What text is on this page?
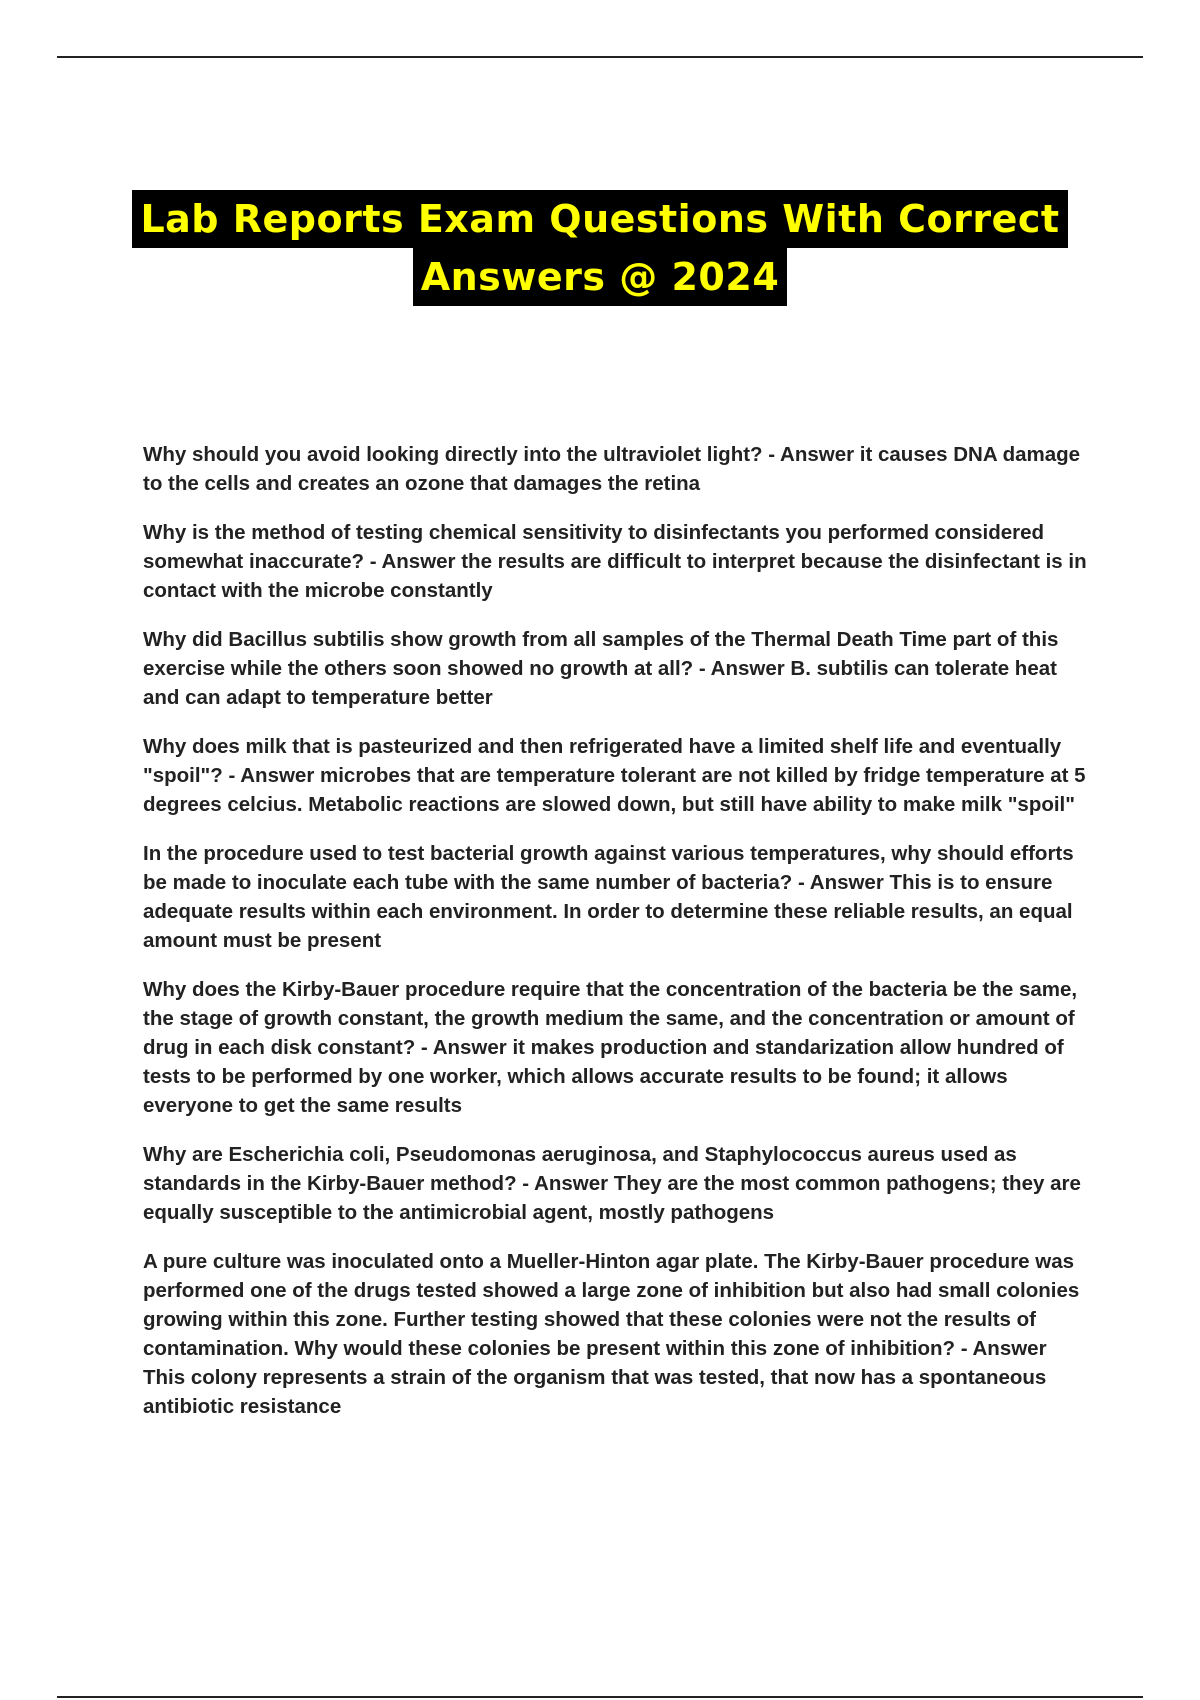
Lab Reports Exam Questions With Correct
Answers @ 2024

Why should you avoid looking directly into the ultraviolet light? - Answer it causes DNA damage to the cells and creates an ozone that damages the retina

Why is the method of testing chemical sensitivity to disinfectants you performed considered somewhat inaccurate? - Answer the results are difficult to interpret because the disinfectant is in contact with the microbe constantly

Why did Bacillus subtilis show growth from all samples of the Thermal Death Time part of this exercise while the others soon showed no growth at all? - Answer B. subtilis can tolerate heat and can adapt to temperature better

Why does milk that is pasteurized and then refrigerated have a limited shelf life and eventually "spoil"? - Answer microbes that are temperature tolerant are not killed by fridge temperature at 5 degrees celcius. Metabolic reactions are slowed down, but still have ability to make milk "spoil"

In the procedure used to test bacterial growth against various temperatures, why should efforts be made to inoculate each tube with the same number of bacteria? - Answer This is to ensure adequate results within each environment. In order to determine these reliable results, an equal amount must be present

Why does the Kirby-Bauer procedure require that the concentration of the bacteria be the same, the stage of growth constant, the growth medium the same, and the concentration or amount of drug in each disk constant? - Answer it makes production and standarization allow hundred of tests to be performed by one worker, which allows accurate results to be found; it allows everyone to get the same results

Why are Escherichia coli, Pseudomonas aeruginosa, and Staphylococcus aureus used as standards in the Kirby-Bauer method? - Answer They are the most common pathogens; they are equally susceptible to the antimicrobial agent, mostly pathogens

A pure culture was inoculated onto a Mueller-Hinton agar plate. The Kirby-Bauer procedure was performed one of the drugs tested showed a large zone of inhibition but also had small colonies growing within this zone. Further testing showed that these colonies were not the results of contamination. Why would these colonies be present within this zone of inhibition? - Answer This colony represents a strain of the organism that was tested, that now has a spontaneous antibiotic resistance
